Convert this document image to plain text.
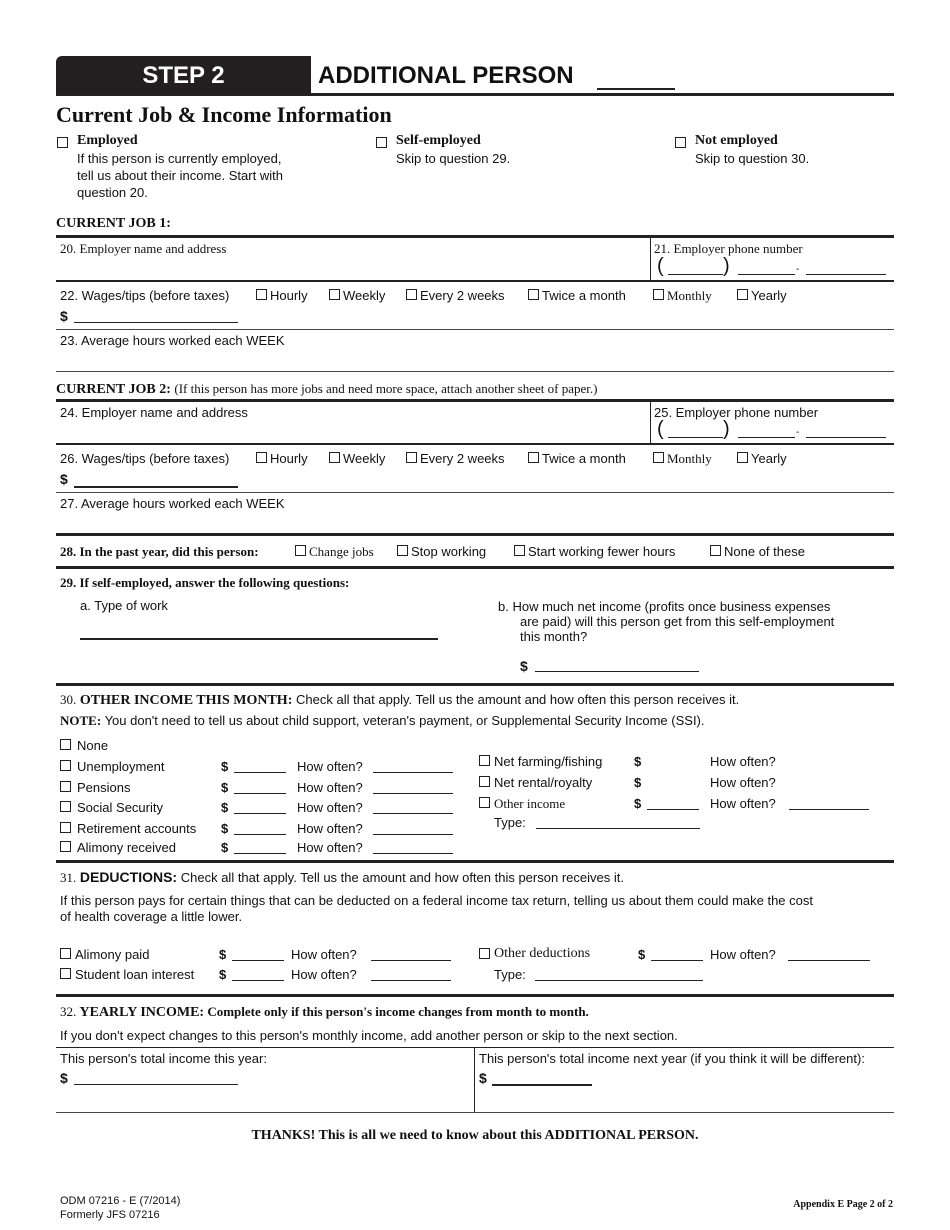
STEP 2	ADDITIONAL PERSON
Current Job & Income Information
Employed
If this person is currently employed,
tell us about their income. Start with
question 20.
Self-employed
Skip to question 29.
Not employed
Skip to question 30.
CURRENT JOB 1:
20. Employer name and address	21. Employer phone number
(	)	-
22. Wages/tips (before taxes)
$
23. Average hours worked each WEEK
CURRENT JOB 2: (If this person has more jobs and need more space, attach another sheet of paper.)
24. Employer name and address	25. Employer phone number
(	)	-
26. Wages/tips (before taxes)
$
27. Average hours worked each WEEK
28. In the past year, did this person:	Change jobs	Stop working	Start working fewer hours	None of these
29. If self-employed, answer the following questions:
a. Type of work	b. How much net income (profits once business expenses
are paid) will this person get from this self-employment
this month?
$
30. OTHER INCOME THIS MONTH: Check all that apply. Tell us the amount and how often this person receives it.
NOTE: You don't need to tell us about child support, veteran's payment, or Supplemental Security Income (SSI).
None
31. DEDUCTIONS: Check all that apply. Tell us the amount and how often this person receives it.
If this person pays for certain things that can be deducted on a federal income tax return, telling us about them could make the cost
of health coverage a little lower.
32. YEARLY INCOME: Complete only if this person's income changes from month to month.
If you don't expect changes to this person's monthly income, add another person or skip to the next section.
This person's total income this year:
$
This person's total income next year (if you think it will be different):
$
THANKS! This is all we need to know about this ADDITIONAL PERSON.
ODM 07216 - E (7/2014)
Formerly JFS 07216
Appendix E Page 2 of 2
Hourly	Weekly	Every 2 weeks	Twice a month	Monthly	Yearly
Hourly	Weekly	Every 2 weeks	Twice a month	Monthly	Yearly
Unemployment	$	How often?
Pensions	$	How often?
Social Security	$	How often?
Retirement accounts $	How often?
Alimony received	$	How often?
Net farming/fishing $	How often?
Net rental/royalty	$	How often?
Other income	$	How often?
Type:
Alimony paid	$	How often?
Student loan interest $	How often?
Other deductions	$	How often?
Type:
